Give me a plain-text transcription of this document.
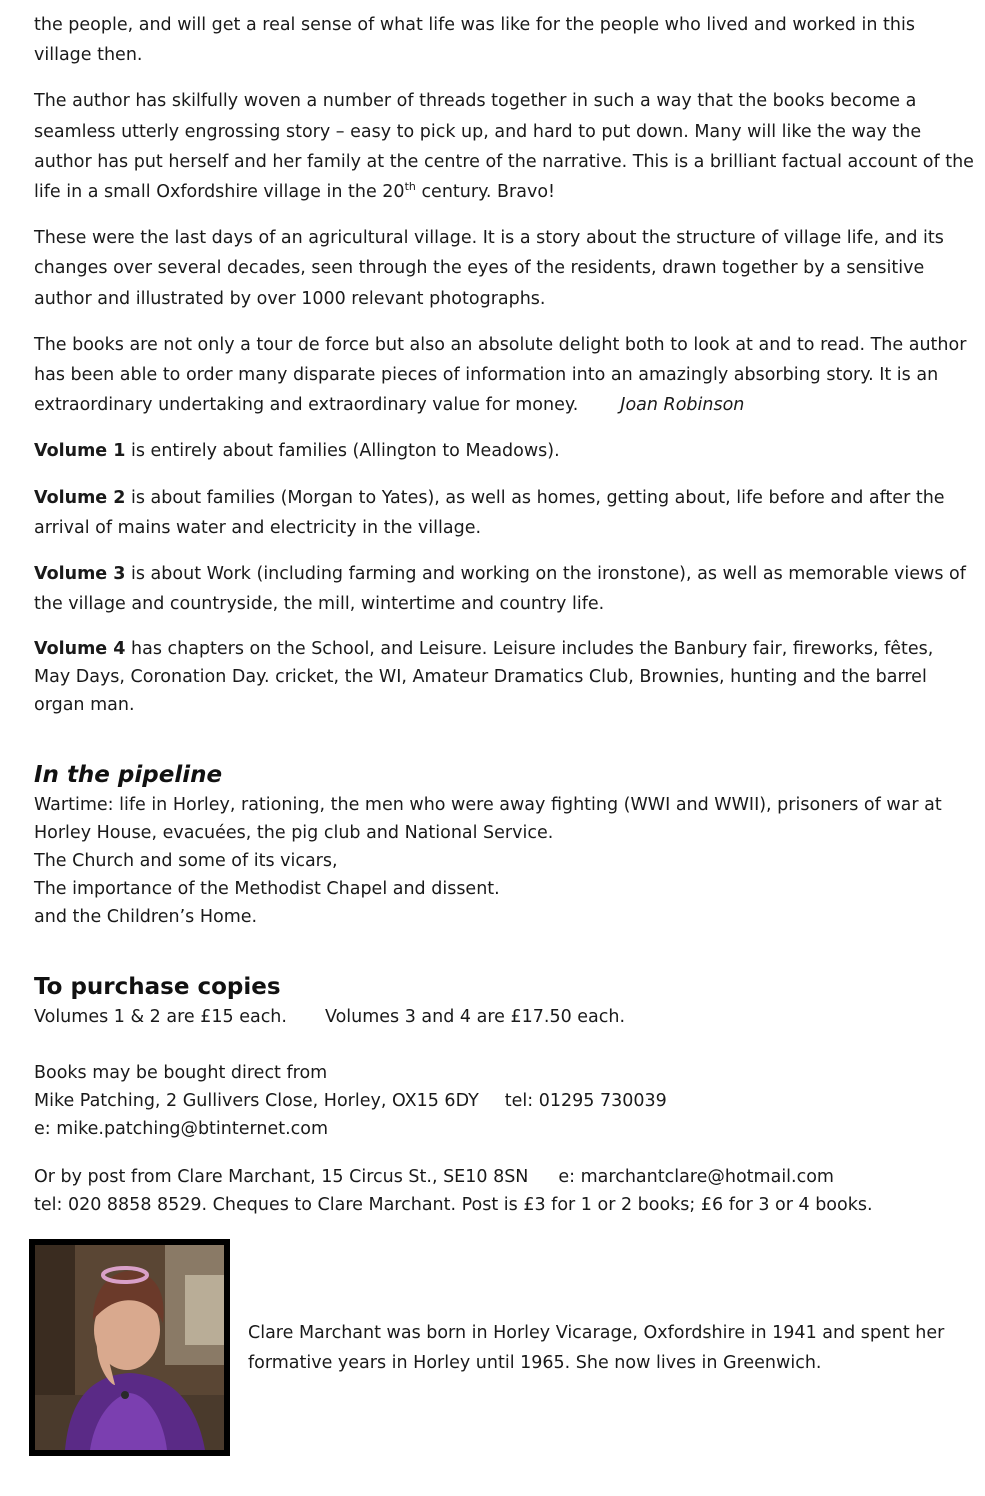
the people, and will get a real sense of what life was like for the people who lived and worked in this village then.

The author has skilfully woven a number of threads together in such a way that the books become a seamless utterly engrossing story – easy to pick up, and hard to put down. Many will like the way the author has put herself and her family at the centre of the narrative. This is a brilliant factual account of the life in a small Oxfordshire village in the 20th century. Bravo!

These were the last days of an agricultural village. It is a story about the structure of village life, and its changes over several decades, seen through the eyes of the residents, drawn together by a sensitive author and illustrated by over 1000 relevant photographs.

The books are not only a tour de force but also an absolute delight both to look at and to read. The author has been able to order many disparate pieces of information into an amazingly absorbing story. It is an extraordinary undertaking and extraordinary value for money. Joan Robinson

Volume 1 is entirely about families (Allington to Meadows).

Volume 2 is about families (Morgan to Yates), as well as homes, getting about, life before and after the arrival of mains water and electricity in the village.

Volume 3 is about Work (including farming and working on the ironstone), as well as memorable views of the village and countryside, the mill, wintertime and country life.

Volume 4 has chapters on the School, and Leisure. Leisure includes the Banbury fair, fireworks, fêtes, May Days, Coronation Day. cricket, the WI, Amateur Dramatics Club, Brownies, hunting and the barrel organ man.

In the pipeline

Wartime: life in Horley, rationing, the men who were away fighting (WWI and WWII), prisoners of war at Horley House, evacuées, the pig club and National Service.

The Church and some of its vicars,

The importance of the Methodist Chapel and dissent.

and the Children’s Home.

To purchase copies

Volumes 1 & 2 are £15 each. Volumes 3 and 4 are £17.50 each.

Books may be bought direct from

Mike Patching, 2 Gullivers Close, Horley, OX15 6DY tel: 01295 730039

e: mike.patching@btinternet.com

Or by post from Clare Marchant, 15 Circus St., SE10 8SN e: marchantclare@hotmail.com

tel: 020 8858 8529. Cheques to Clare Marchant. Post is £3 for 1 or 2 books; £6 for 3 or 4 books.

Clare Marchant was born in Horley Vicarage, Oxfordshire in 1941 and spent her formative years in Horley until 1965. She now lives in Greenwich.
